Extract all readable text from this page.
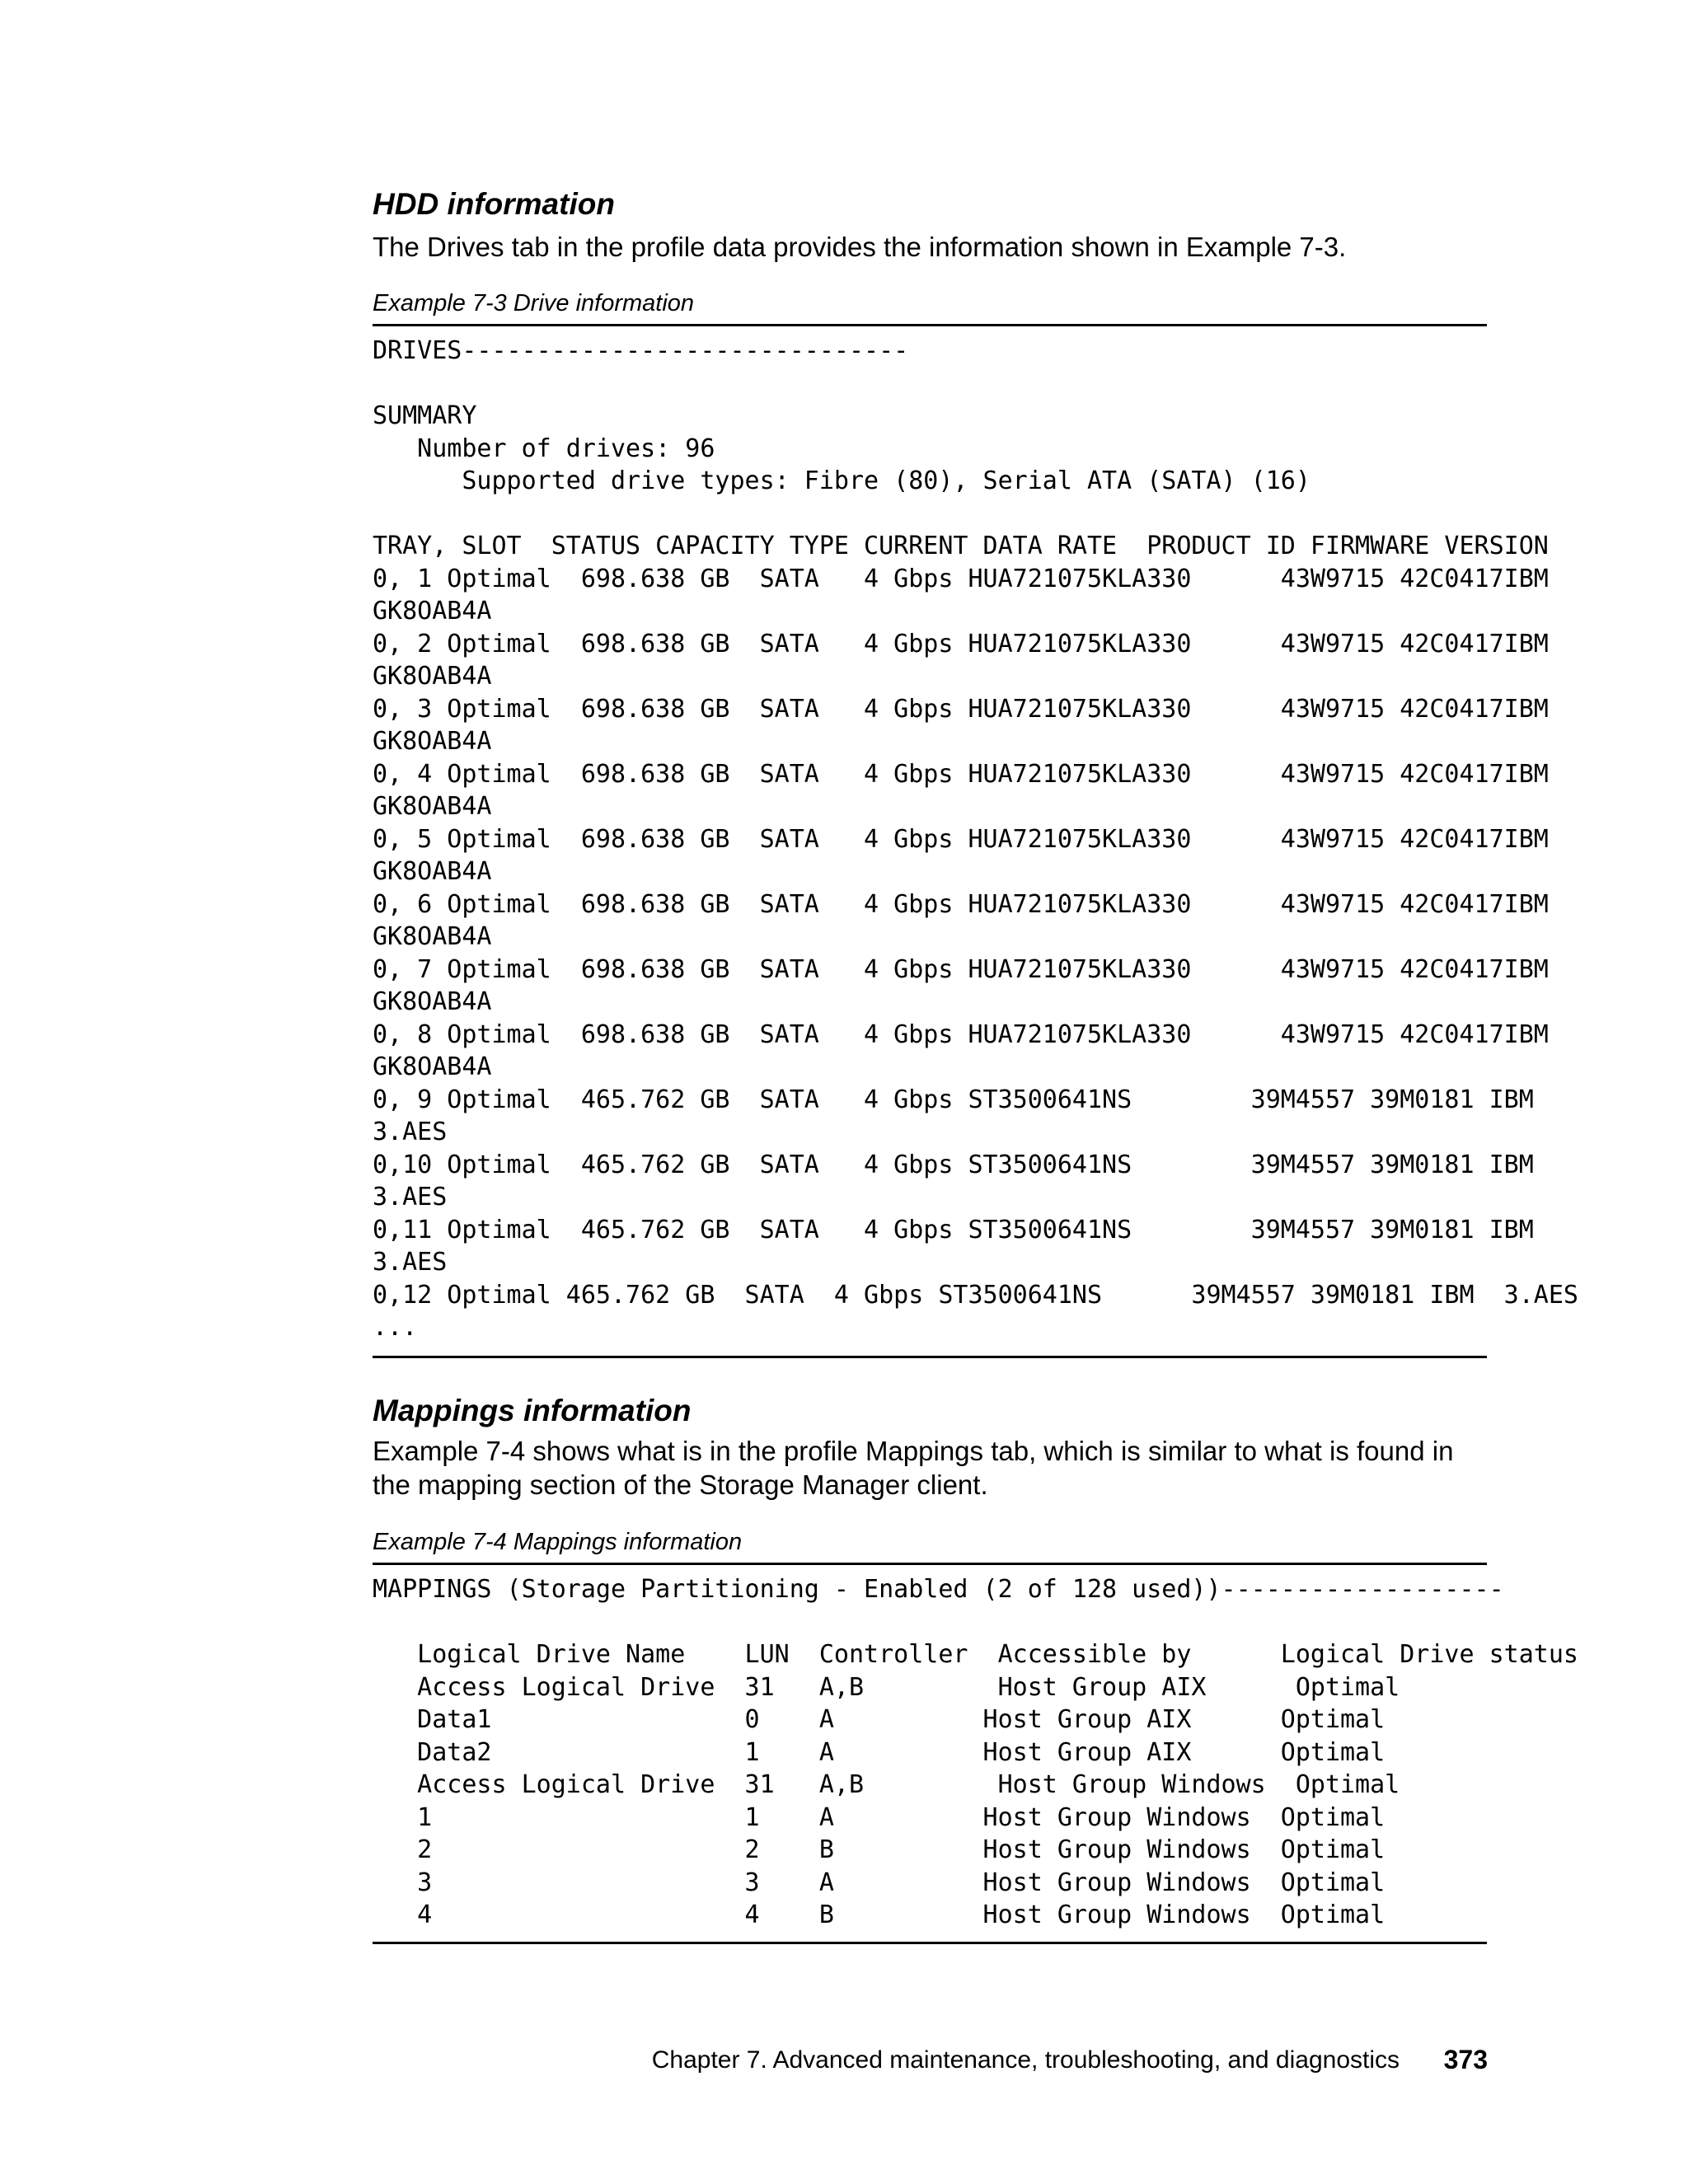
HDD information

The Drives tab in the profile data provides the information shown in Example 7-3.

Example 7-3 Drive information

DRIVES------------------------------

SUMMARY
Number of drives: 96
Supported drive types: Fibre (80), Serial ATA (SATA) (16)

TRAY, SLOT  STATUS CAPACITY TYPE CURRENT DATA RATE  PRODUCT ID FIRMWARE VERSION
0, 1 Optimal  698.638 GB  SATA   4 Gbps HUA721075KLA330      43W9715 42C0417IBM
GK8OAB4A
0, 2 Optimal  698.638 GB  SATA   4 Gbps HUA721075KLA330      43W9715 42C0417IBM
GK8OAB4A
0, 3 Optimal  698.638 GB  SATA   4 Gbps HUA721075KLA330      43W9715 42C0417IBM
GK8OAB4A
0, 4 Optimal  698.638 GB  SATA   4 Gbps HUA721075KLA330      43W9715 42C0417IBM
GK8OAB4A
0, 5 Optimal  698.638 GB  SATA   4 Gbps HUA721075KLA330      43W9715 42C0417IBM
GK8OAB4A
0, 6 Optimal  698.638 GB  SATA   4 Gbps HUA721075KLA330      43W9715 42C0417IBM
GK8OAB4A
0, 7 Optimal  698.638 GB  SATA   4 Gbps HUA721075KLA330      43W9715 42C0417IBM
GK8OAB4A
0, 8 Optimal  698.638 GB  SATA   4 Gbps HUA721075KLA330      43W9715 42C0417IBM
GK8OAB4A
0, 9 Optimal  465.762 GB  SATA   4 Gbps ST3500641NS        39M4557 39M0181 IBM
3.AES
0,10 Optimal  465.762 GB  SATA   4 Gbps ST3500641NS        39M4557 39M0181 IBM
3.AES
0,11 Optimal  465.762 GB  SATA   4 Gbps ST3500641NS        39M4557 39M0181 IBM
3.AES
0,12 Optimal 465.762 GB  SATA  4 Gbps ST3500641NS      39M4557 39M0181 IBM  3.AES
...
Mappings information

Example 7-4 shows what is in the profile Mappings tab, which is similar to what is found in the mapping section of the Storage Manager client.

Example 7-4 Mappings information

MAPPINGS (Storage Partitioning - Enabled (2 of 128 used))-------------------

Logical Drive Name    LUN  Controller  Accessible by      Logical Drive status
Access Logical Drive  31   A,B         Host Group AIX      Optimal
Data1                 0    A          Host Group AIX      Optimal
Data2                 1    A          Host Group AIX      Optimal
Access Logical Drive  31   A,B         Host Group Windows  Optimal
1                     1    A          Host Group Windows  Optimal
2                     2    B          Host Group Windows  Optimal
3                     3    A          Host Group Windows  Optimal
4                     4    B          Host Group Windows  Optimal

Chapter 7. Advanced maintenance, troubleshooting, and diagnostics 373
